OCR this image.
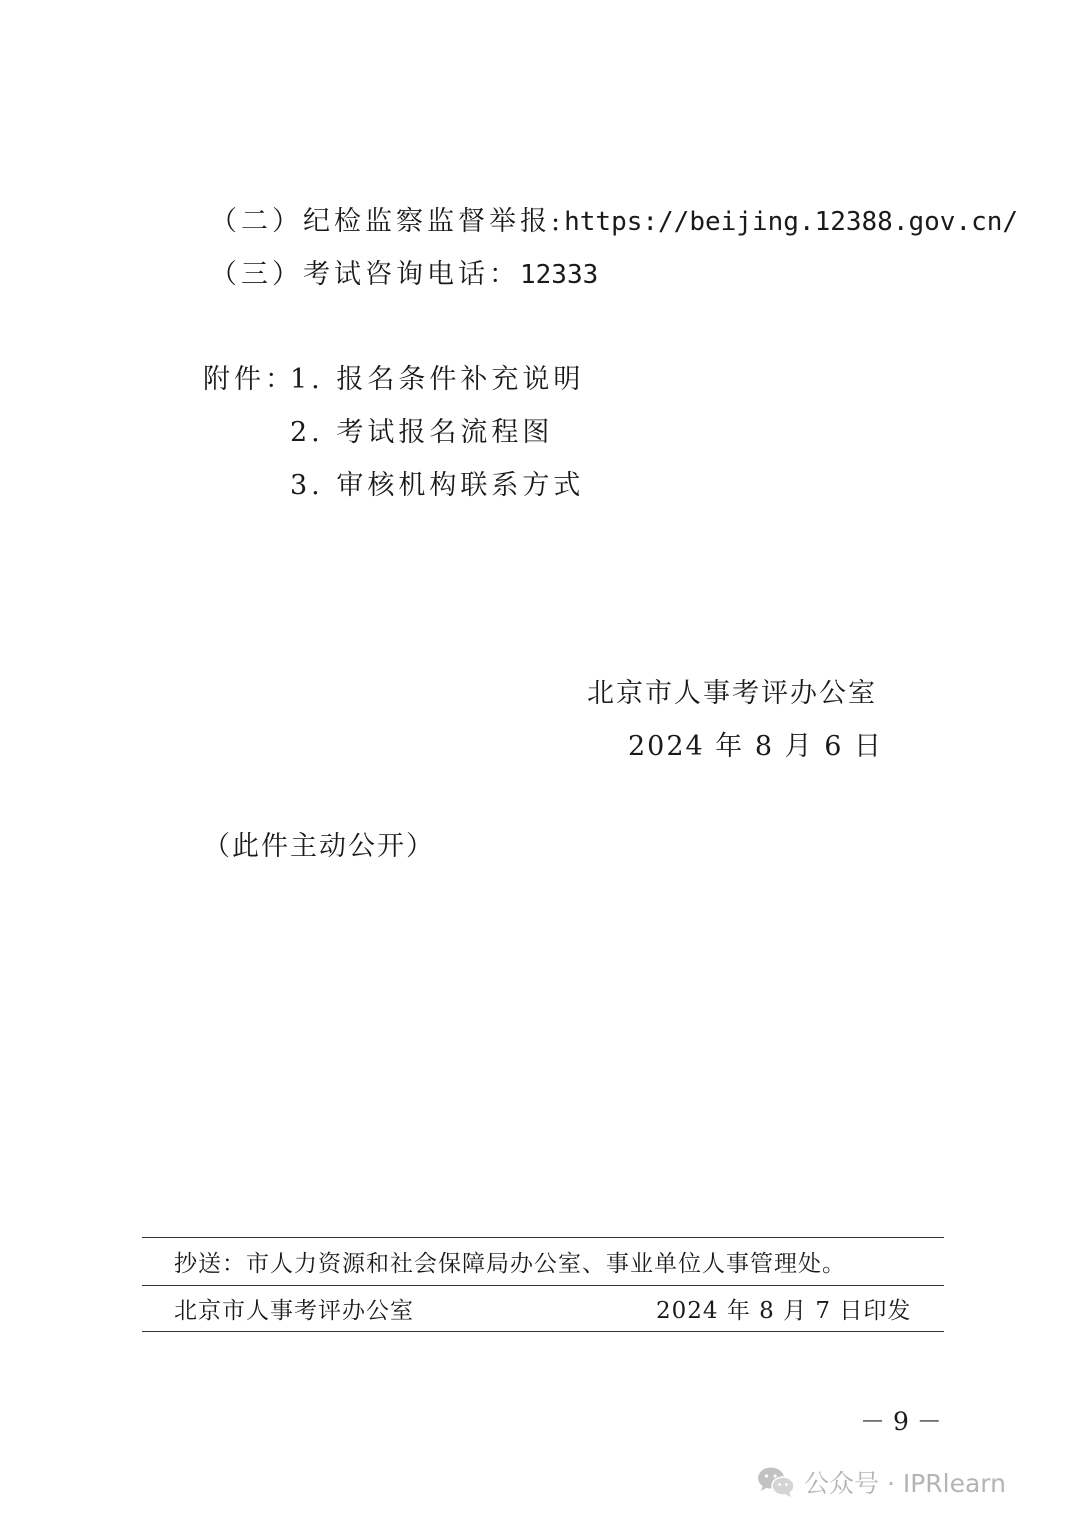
（二）纪检监察监督举报:https://beijing.12388.gov.cn/
（三）考试咨询电话：12333
附件：
1. 报名条件补充说明
2. 考试报名流程图
3. 审核机构联系方式
北京市人事考评办公室
2024 年 8 月 6 日
（此件主动公开）
抄送：市人力资源和社会保障局办公室、事业单位人事管理处。
北京市人事考评办公室	2024 年 8 月 7 日印发
－ 9 －
公众号 · IPRlearn
